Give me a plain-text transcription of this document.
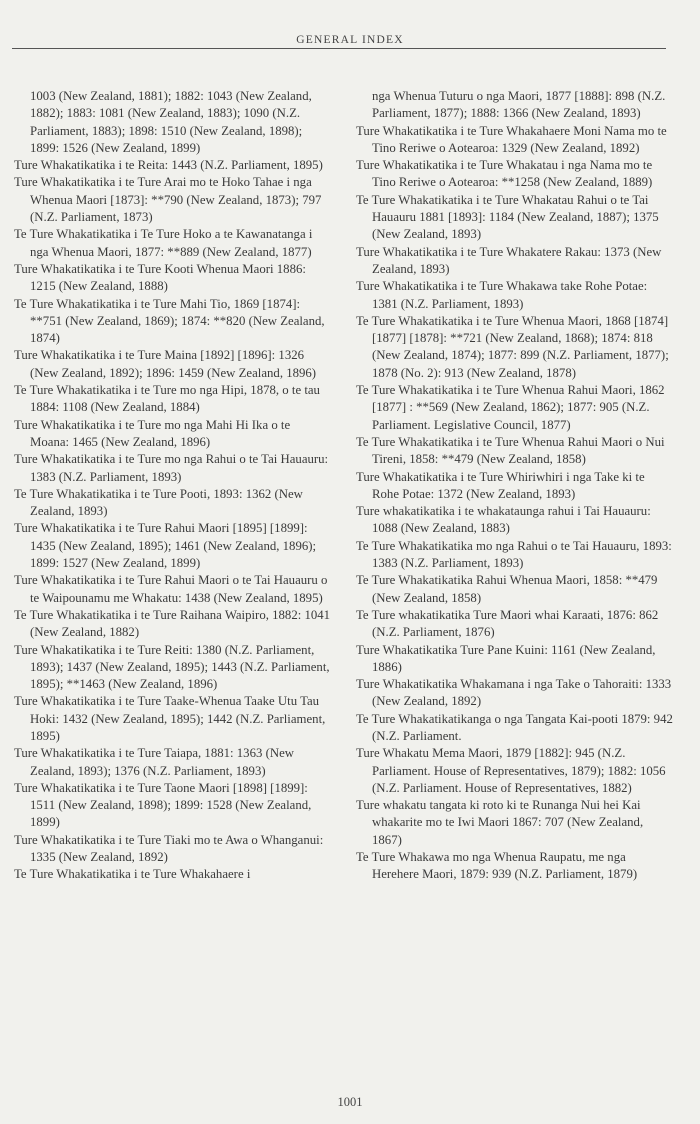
GENERAL INDEX

1003 (New Zealand, 1881); 1882: 1043 (New Zealand, 1882); 1883: 1081 (New Zealand, 1883); 1090 (N.Z. Parliament, 1883); 1898: 1510 (New Zealand, 1898); 1899: 1526 (New Zealand, 1899)

Ture Whakatikatika i te Reita: 1443 (N.Z. Parliament, 1895)

Ture Whakatikatika i te Ture Arai mo te Hoko Tahae i nga Whenua Maori [1873]: **790 (New Zealand, 1873); 797 (N.Z. Parliament, 1873)

Te Ture Whakatikatika i Te Ture Hoko a te Kawanatanga i nga Whenua Maori, 1877: **889 (New Zealand, 1877)

Ture Whakatikatika i te Ture Kooti Whenua Maori 1886: 1215 (New Zealand, 1888)

Te Ture Whakatikatika i te Ture Mahi Tio, 1869 [1874]: **751 (New Zealand, 1869); 1874: **820 (New Zealand, 1874)

Ture Whakatikatika i te Ture Maina [1892] [1896]: 1326 (New Zealand, 1892); 1896: 1459 (New Zealand, 1896)

Te Ture Whakatikatika i te Ture mo nga Hipi, 1878, o te tau 1884: 1108 (New Zealand, 1884)

Ture Whakatikatika i te Ture mo nga Mahi Hi Ika o te Moana: 1465 (New Zealand, 1896)

Ture Whakatikatika i te Ture mo nga Rahui o te Tai Hauauru: 1383 (N.Z. Parliament, 1893)

Te Ture Whakatikatika i te Ture Pooti, 1893: 1362 (New Zealand, 1893)

Ture Whakatikatika i te Ture Rahui Maori [1895] [1899]: 1435 (New Zealand, 1895); 1461 (New Zealand, 1896); 1899: 1527 (New Zealand, 1899)

Ture Whakatikatika i te Ture Rahui Maori o te Tai Hauauru o te Waipounamu me Whakatu: 1438 (New Zealand, 1895)

Te Ture Whakatikatika i te Ture Raihana Waipiro, 1882: 1041 (New Zealand, 1882)

Ture Whakatikatika i te Ture Reiti: 1380 (N.Z. Parliament, 1893); 1437 (New Zealand, 1895); 1443 (N.Z. Parliament, 1895); **1463 (New Zealand, 1896)

Ture Whakatikatika i te Ture Taake-Whenua Taake Utu Tau Hoki: 1432 (New Zealand, 1895); 1442 (N.Z. Parliament, 1895)

Ture Whakatikatika i te Ture Taiapa, 1881: 1363 (New Zealand, 1893); 1376 (N.Z. Parliament, 1893)

Ture Whakatikatika i te Ture Taone Maori [1898] [1899]: 1511 (New Zealand, 1898); 1899: 1528 (New Zealand, 1899)

Ture Whakatikatika i te Ture Tiaki mo te Awa o Whanganui: 1335 (New Zealand, 1892)

Te Ture Whakatikatika i te Ture Whakahaere i

nga Whenua Tuturu o nga Maori, 1877 [1888]: 898 (N.Z. Parliament, 1877); 1888: 1366 (New Zealand, 1893)

Ture Whakatikatika i te Ture Whakahaere Moni Nama mo te Tino Reriwe o Aotearoa: 1329 (New Zealand, 1892)

Ture Whakatikatika i te Ture Whakatau i nga Nama mo te Tino Reriwe o Aotearoa: **1258 (New Zealand, 1889)

Te Ture Whakatikatika i te Ture Whakatau Rahui o te Tai Hauauru 1881 [1893]: 1184 (New Zealand, 1887); 1375 (New Zealand, 1893)

Ture Whakatikatika i te Ture Whakatere Rakau: 1373 (New Zealand, 1893)

Ture Whakatikatika i te Ture Whakawa take Rohe Potae: 1381 (N.Z. Parliament, 1893)

Te Ture Whakatikatika i te Ture Whenua Maori, 1868 [1874] [1877] [1878]: **721 (New Zealand, 1868); 1874: 818 (New Zealand, 1874); 1877: 899 (N.Z. Parliament, 1877); 1878 (No. 2): 913 (New Zealand, 1878)

Te Ture Whakatikatika i te Ture Whenua Rahui Maori, 1862 [1877] : **569 (New Zealand, 1862); 1877: 905 (N.Z. Parliament. Legislative Council, 1877)

Te Ture Whakatikatika i te Ture Whenua Rahui Maori o Nui Tireni, 1858: **479 (New Zealand, 1858)

Ture Whakatikatika i te Ture Whiriwhiri i nga Take ki te Rohe Potae: 1372 (New Zealand, 1893)

Ture whakatikatika i te whakataunga rahui i Tai Hauauru: 1088 (New Zealand, 1883)

Te Ture Whakatikatika mo nga Rahui o te Tai Hauauru, 1893: 1383 (N.Z. Parliament, 1893)

Te Ture Whakatikatika Rahui Whenua Maori, 1858: **479 (New Zealand, 1858)

Te Ture whakatikatika Ture Maori whai Karaati, 1876: 862 (N.Z. Parliament, 1876)

Ture Whakatikatika Ture Pane Kuini: 1161 (New Zealand, 1886)

Ture Whakatikatika Whakamana i nga Take o Tahoraiti: 1333 (New Zealand, 1892)

Te Ture Whakatikatikanga o nga Tangata Kai-pooti 1879: 942 (N.Z. Parliament.

Ture Whakatu Mema Maori, 1879 [1882]: 945 (N.Z. Parliament. House of Representatives, 1879); 1882: 1056 (N.Z. Parliament. House of Representatives, 1882)

Ture whakatu tangata ki roto ki te Runanga Nui hei Kai whakarite mo te Iwi Maori 1867: 707 (New Zealand, 1867)

Te Ture Whakawa mo nga Whenua Raupatu, me nga Herehere Maori, 1879: 939 (N.Z. Parliament, 1879)

1001
